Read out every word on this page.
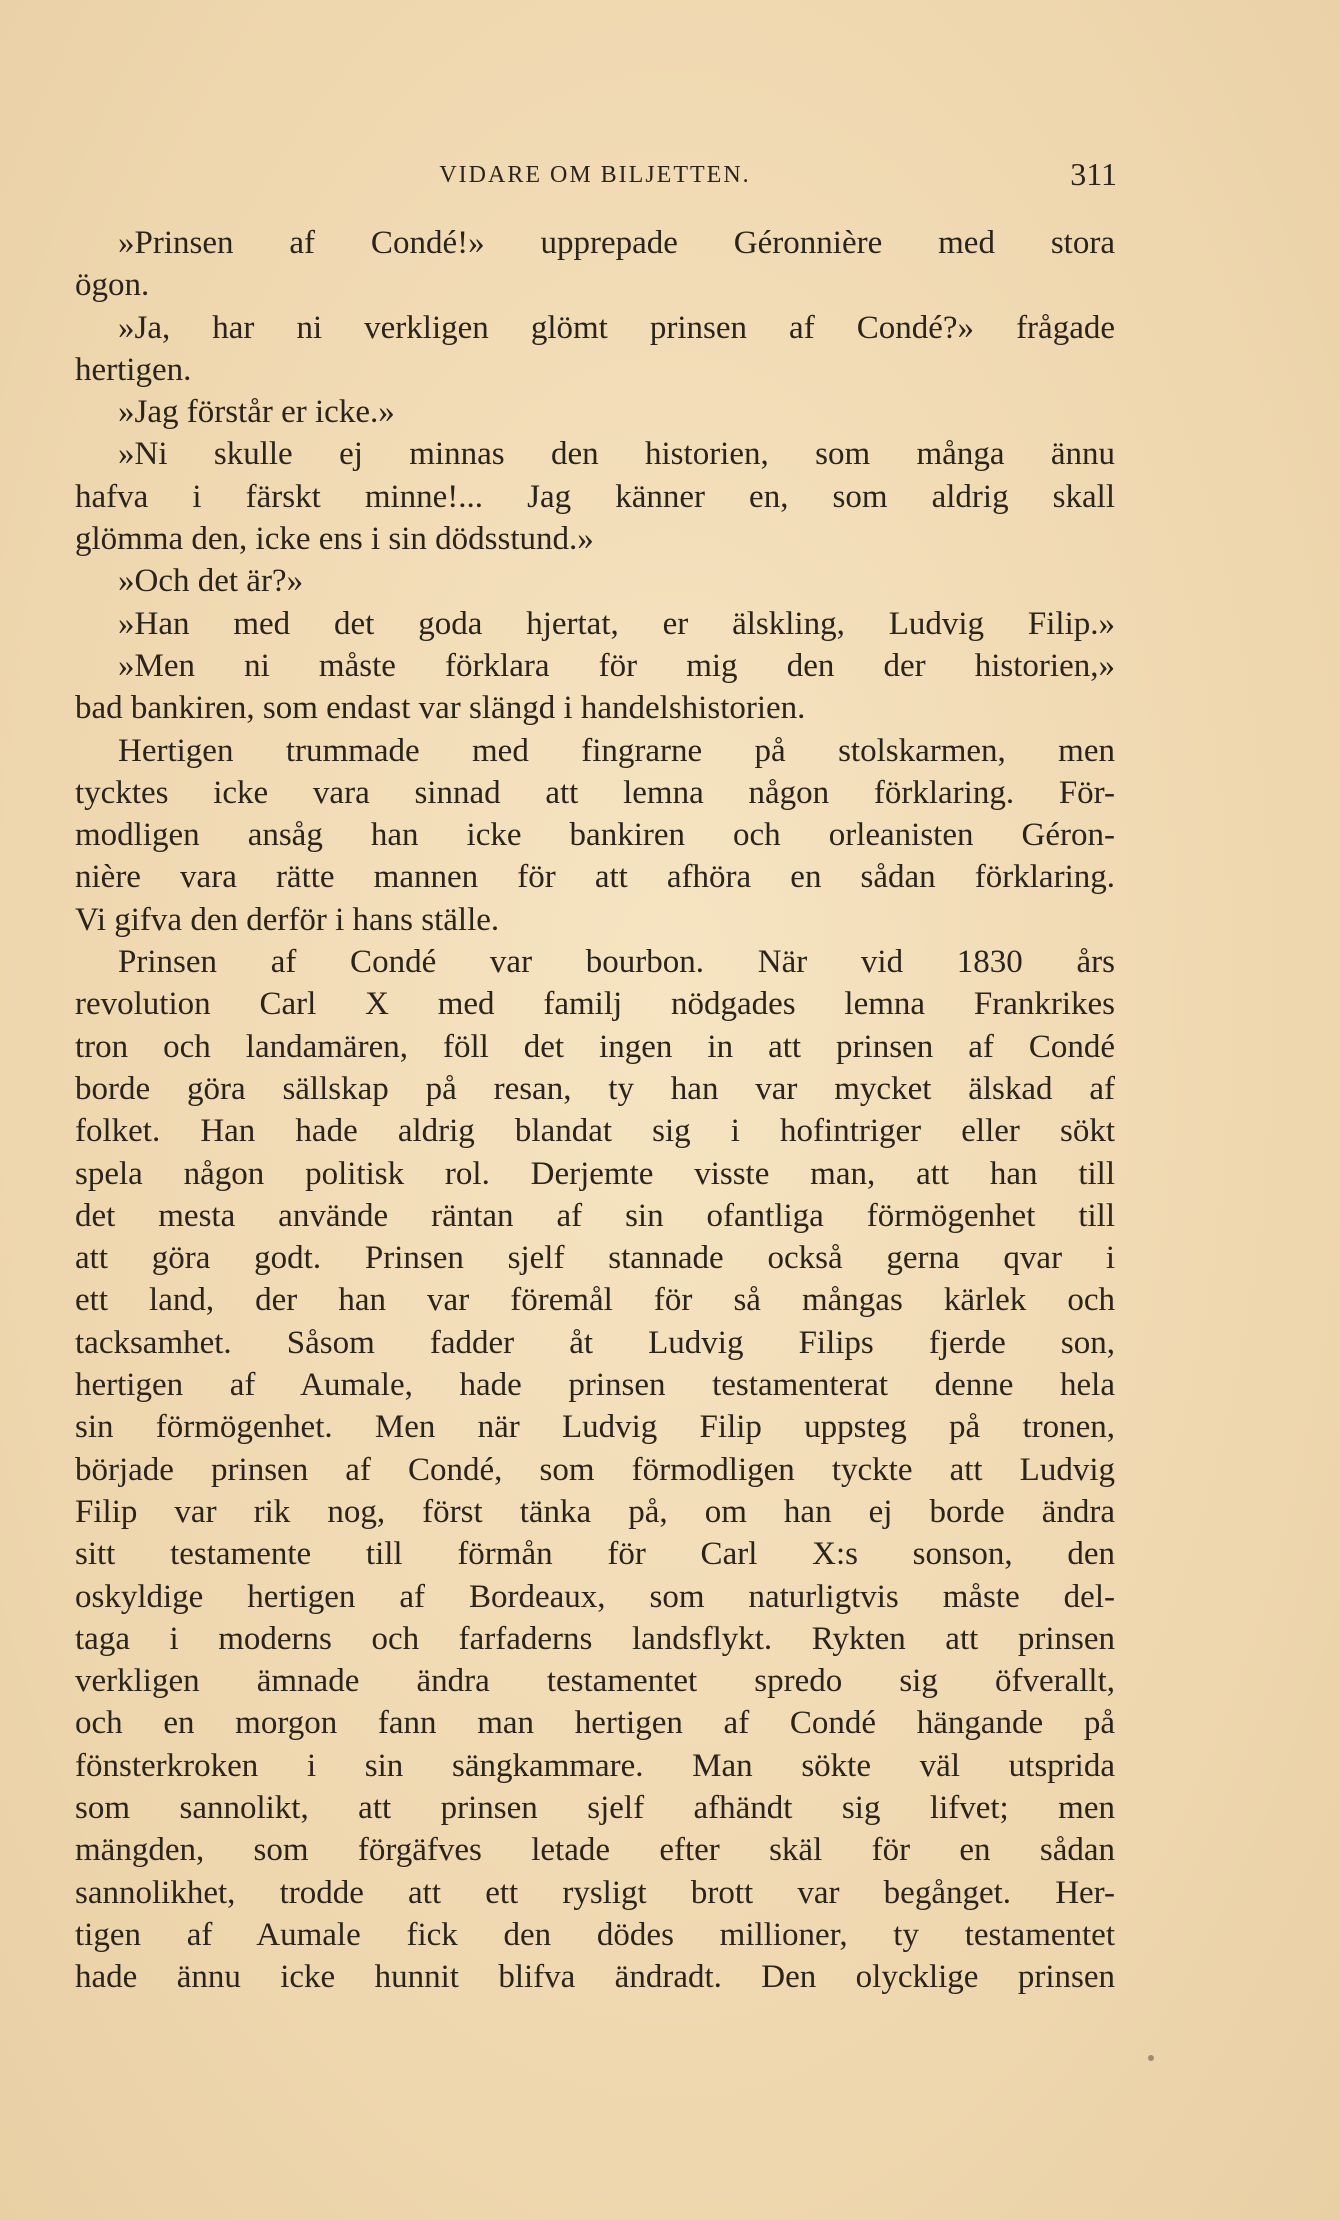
VIDARE OM BILJETTEN.	311
»Prinsen af Condé!» upprepade Géronnière med stora
ögon.
»Ja, har ni verkligen glömt prinsen af Condé?» frågade
hertigen.
»Jag förstår er icke.»
»Ni skulle ej minnas den historien, som många ännu
hafva i färskt minne!... Jag känner en, som aldrig skall
glömma den, icke ens i sin dödsstund.»
»Och det är?»
»Han med det goda hjertat, er älskling, Ludvig Filip.»
»Men ni måste förklara för mig den der historien,»
bad bankiren, som endast var slängd i handelshistorien.
Hertigen trummade med fingrarne på stolskarmen, men
tycktes icke vara sinnad att lemna någon förklaring. För-
modligen ansåg han icke bankiren och orleanisten Géron-
nière vara rätte mannen för att afhöra en sådan förklaring.
Vi gifva den derför i hans ställe.
Prinsen af Condé var bourbon. När vid 1830 års
revolution Carl X med familj nödgades lemna Frankrikes
tron och landamären, föll det ingen in att prinsen af Condé
borde göra sällskap på resan, ty han var mycket älskad af
folket. Han hade aldrig blandat sig i hofintriger eller sökt
spela någon politisk rol. Derjemte visste man, att han till
det mesta använde räntan af sin ofantliga förmögenhet till
att göra godt. Prinsen sjelf stannade också gerna qvar i
ett land, der han var föremål för så mångas kärlek och
tacksamhet. Såsom fadder åt Ludvig Filips fjerde son,
hertigen af Aumale, hade prinsen testamenterat denne hela
sin förmögenhet. Men när Ludvig Filip uppsteg på tronen,
började prinsen af Condé, som förmodligen tyckte att Ludvig
Filip var rik nog, först tänka på, om han ej borde ändra
sitt testamente till förmån för Carl X:s sonson, den
oskyldige hertigen af Bordeaux, som naturligtvis måste del-
taga i moderns och farfaderns landsflykt. Rykten att prinsen
verkligen ämnade ändra testamentet spredo sig öfverallt,
och en morgon fann man hertigen af Condé hängande på
fönsterkroken i sin sängkammare. Man sökte väl utsprida
som sannolikt, att prinsen sjelf afhändt sig lifvet; men
mängden, som förgäfves letade efter skäl för en sådan
sannolikhet, trodde att ett rysligt brott var begånget. Her-
tigen af Aumale fick den dödes millioner, ty testamentet
hade ännu icke hunnit blifva ändradt. Den olycklige prinsen
